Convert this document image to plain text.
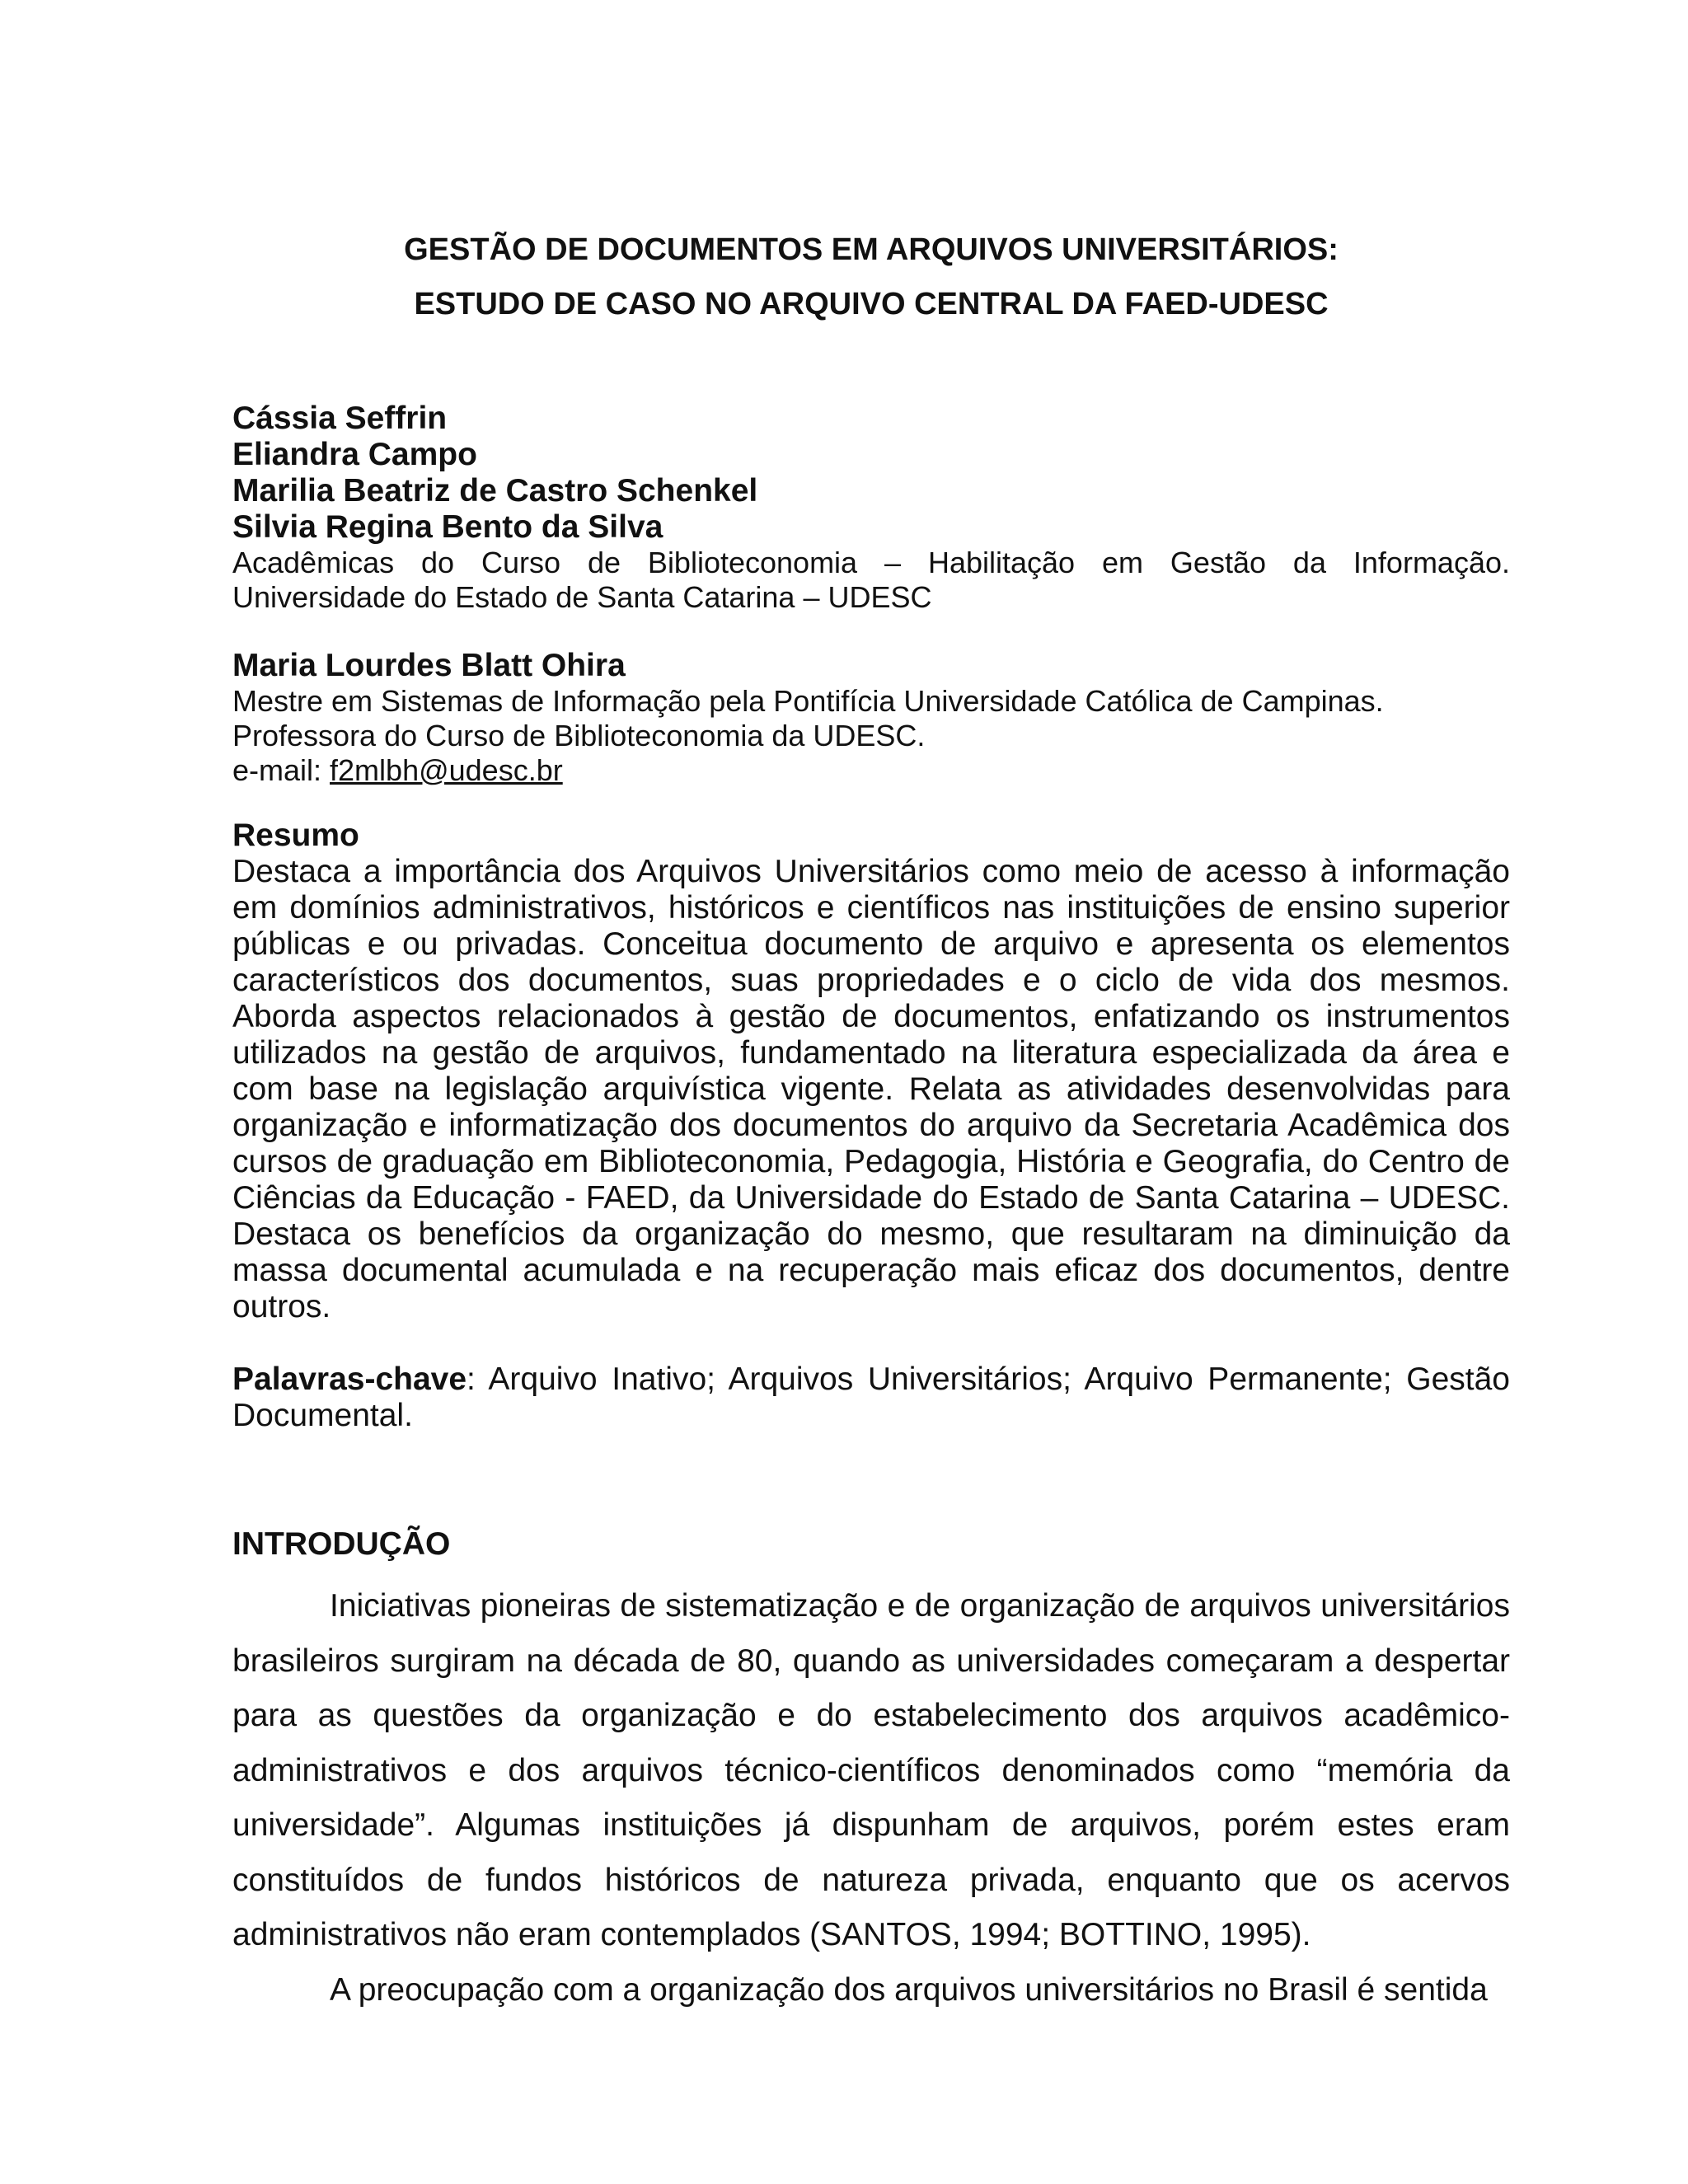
GESTÃO DE DOCUMENTOS EM ARQUIVOS UNIVERSITÁRIOS:

ESTUDO DE CASO NO ARQUIVO CENTRAL DA FAED-UDESC

Cássia Seffrin
Eliandra Campo
Marilia Beatriz de Castro Schenkel
Silvia Regina Bento da Silva
Acadêmicas do Curso de Biblioteconomia – Habilitação em Gestão da Informação.
Universidade do Estado de Santa Catarina – UDESC
Maria Lourdes Blatt Ohira
Mestre em Sistemas de Informação pela Pontifícia Universidade Católica de Campinas.
Professora do Curso de Biblioteconomia da UDESC.
e-mail: f2mlbh@udesc.br
Resumo
Destaca a importância dos Arquivos Universitários como meio de acesso à informação em domínios administrativos, históricos e científicos nas instituições de ensino superior públicas e ou privadas. Conceitua documento de arquivo e apresenta os elementos característicos dos documentos, suas propriedades e o ciclo de vida dos mesmos. Aborda aspectos relacionados à gestão de documentos, enfatizando os instrumentos utilizados na gestão de arquivos, fundamentado na literatura especializada da área e com base na legislação arquivística vigente. Relata as atividades desenvolvidas para organização e informatização dos documentos do arquivo da Secretaria Acadêmica dos cursos de graduação em Biblioteconomia, Pedagogia, História e Geografia, do Centro de Ciências da Educação - FAED, da Universidade do Estado de Santa Catarina – UDESC. Destaca os benefícios da organização do mesmo, que resultaram na diminuição da massa documental acumulada e na recuperação mais eficaz dos documentos, dentre outros.
Palavras-chave: Arquivo Inativo; Arquivos Universitários; Arquivo Permanente; Gestão Documental.
INTRODUÇÃO
Iniciativas pioneiras de sistematização e de organização de arquivos universitários brasileiros surgiram na década de 80, quando as universidades começaram a despertar para as questões da organização e do estabelecimento dos arquivos acadêmico-administrativos e dos arquivos técnico-científicos denominados como “memória da universidade”. Algumas instituições já dispunham de arquivos, porém estes eram constituídos de fundos históricos de natureza privada, enquanto que os acervos administrativos não eram contemplados (SANTOS, 1994; BOTTINO, 1995).
A preocupação com a organização dos arquivos universitários no Brasil é sentida
